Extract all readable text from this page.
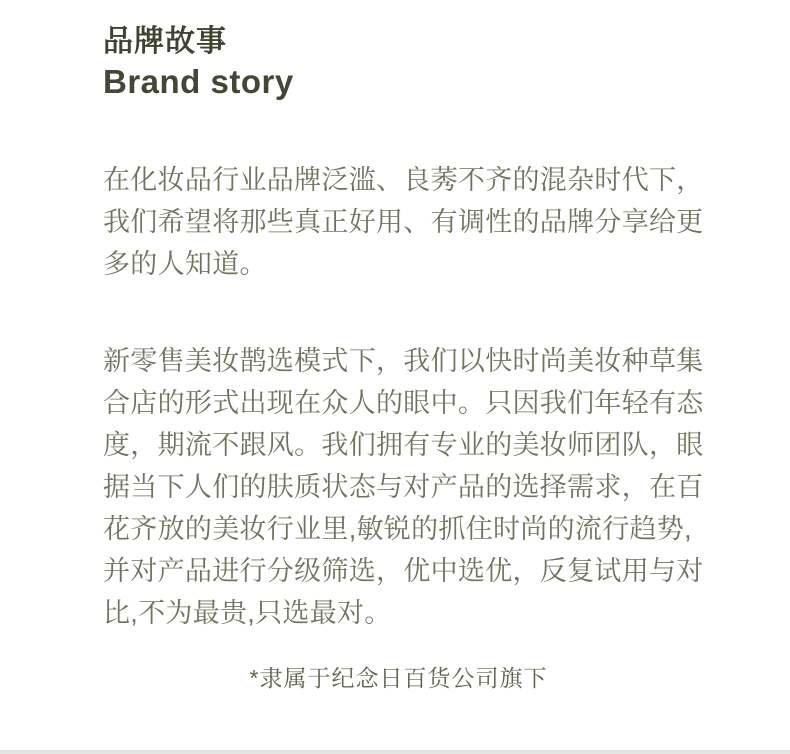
品牌故事
Brand story
在化妆品行业品牌泛滥、良莠不齐的混杂时代下，
我们希望将那些真正好用、有调性的品牌分享给更
多的人知道。
新零售美妆鹊选模式下，我们以快时尚美妆种草集
合店的形式出现在众人的眼中。只因我们年轻有态
度，期流不跟风。我们拥有专业的美妆师团队，眼
据当下人们的肤质状态与对产品的选择需求，在百
花齐放的美妆行业里,敏锐的抓住时尚的流行趋势,
并对产品进行分级筛选，优中选优，反复试用与对
比,不为最贵,只选最对。
*隶属于纪念日百货公司旗下
